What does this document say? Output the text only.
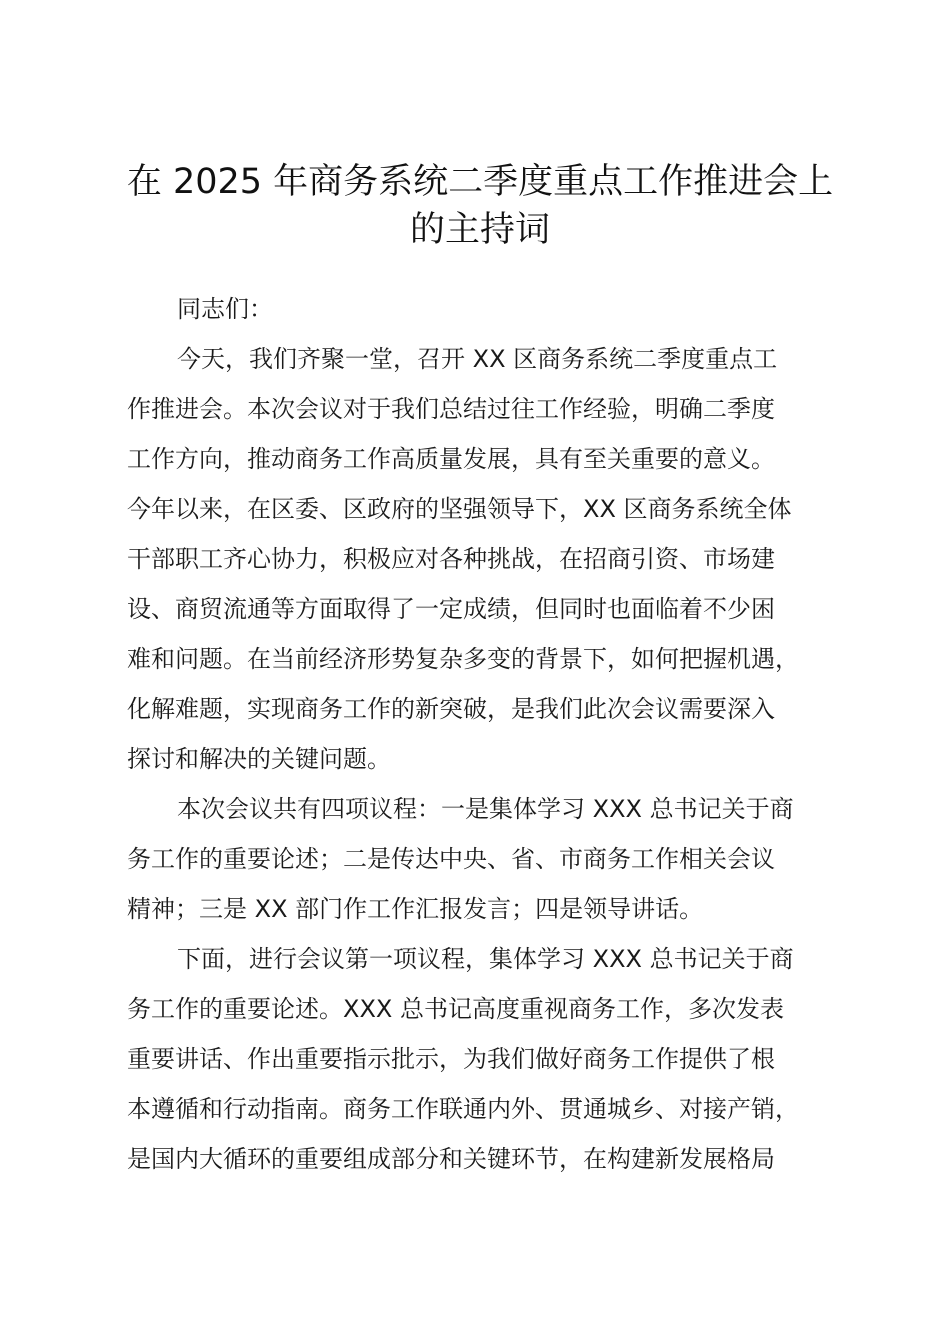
在 2025 年商务系统二季度重点工作推进会上
的主持词
同志们：
今天，我们齐聚一堂，召开 XX 区商务系统二季度重点工
作推进会。本次会议对于我们总结过往工作经验，明确二季度
工作方向，推动商务工作高质量发展，具有至关重要的意义。
今年以来，在区委、区政府的坚强领导下，XX 区商务系统全体
干部职工齐心协力，积极应对各种挑战，在招商引资、市场建
设、商贸流通等方面取得了一定成绩，但同时也面临着不少困
难和问题。在当前经济形势复杂多变的背景下，如何把握机遇，
化解难题，实现商务工作的新突破，是我们此次会议需要深入
探讨和解决的关键问题。
本次会议共有四项议程：一是集体学习 XXX 总书记关于商
务工作的重要论述；二是传达中央、省、市商务工作相关会议
精神；三是 XX 部门作工作汇报发言；四是领导讲话。
下面，进行会议第一项议程，集体学习 XXX 总书记关于商
务工作的重要论述。XXX 总书记高度重视商务工作，多次发表
重要讲话、作出重要指示批示，为我们做好商务工作提供了根
本遵循和行动指南。商务工作联通内外、贯通城乡、对接产销，
是国内大循环的重要组成部分和关键环节，在构建新发展格局
